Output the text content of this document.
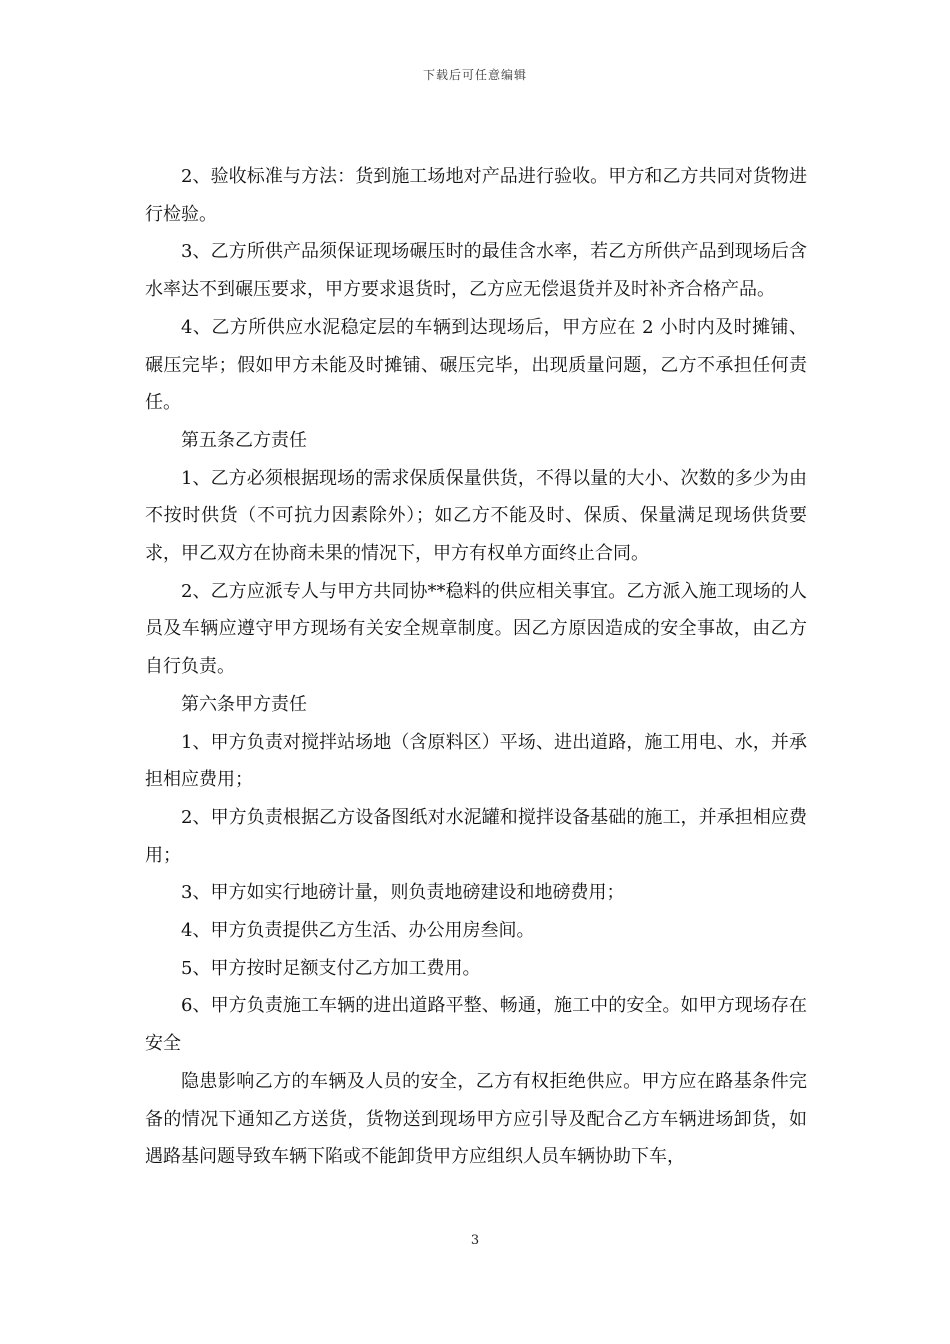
下载后可任意编辑

2、验收标准与方法：货到施工场地对产品进行验收。甲方和乙方共同对货物进行检验。

3、乙方所供产品须保证现场碾压时的最佳含水率，若乙方所供产品到现场后含水率达不到碾压要求，甲方要求退货时，乙方应无偿退货并及时补齐合格产品。

4、乙方所供应水泥稳定层的车辆到达现场后，甲方应在 2 小时内及时摊铺、碾压完毕；假如甲方未能及时摊铺、碾压完毕，出现质量问题，乙方不承担任何责任。

第五条乙方责任

1、乙方必须根据现场的需求保质保量供货，不得以量的大小、次数的多少为由不按时供货（不可抗力因素除外）；如乙方不能及时、保质、保量满足现场供货要求，甲乙双方在协商未果的情况下，甲方有权单方面终止合同。

2、乙方应派专人与甲方共同协**稳料的供应相关事宜。乙方派入施工现场的人员及车辆应遵守甲方现场有关安全规章制度。因乙方原因造成的安全事故，由乙方自行负责。

第六条甲方责任

1、甲方负责对搅拌站场地（含原料区）平场、进出道路，施工用电、水，并承担相应费用；

2、甲方负责根据乙方设备图纸对水泥罐和搅拌设备基础的施工，并承担相应费用；

3、甲方如实行地磅计量，则负责地磅建设和地磅费用；

4、甲方负责提供乙方生活、办公用房叁间。

5、甲方按时足额支付乙方加工费用。

6、甲方负责施工车辆的进出道路平整、畅通，施工中的安全。如甲方现场存在安全

隐患影响乙方的车辆及人员的安全，乙方有权拒绝供应。甲方应在路基条件完备的情况下通知乙方送货，货物送到现场甲方应引导及配合乙方车辆进场卸货，如遇路基问题导致车辆下陷或不能卸货甲方应组织人员车辆协助下车，

3
